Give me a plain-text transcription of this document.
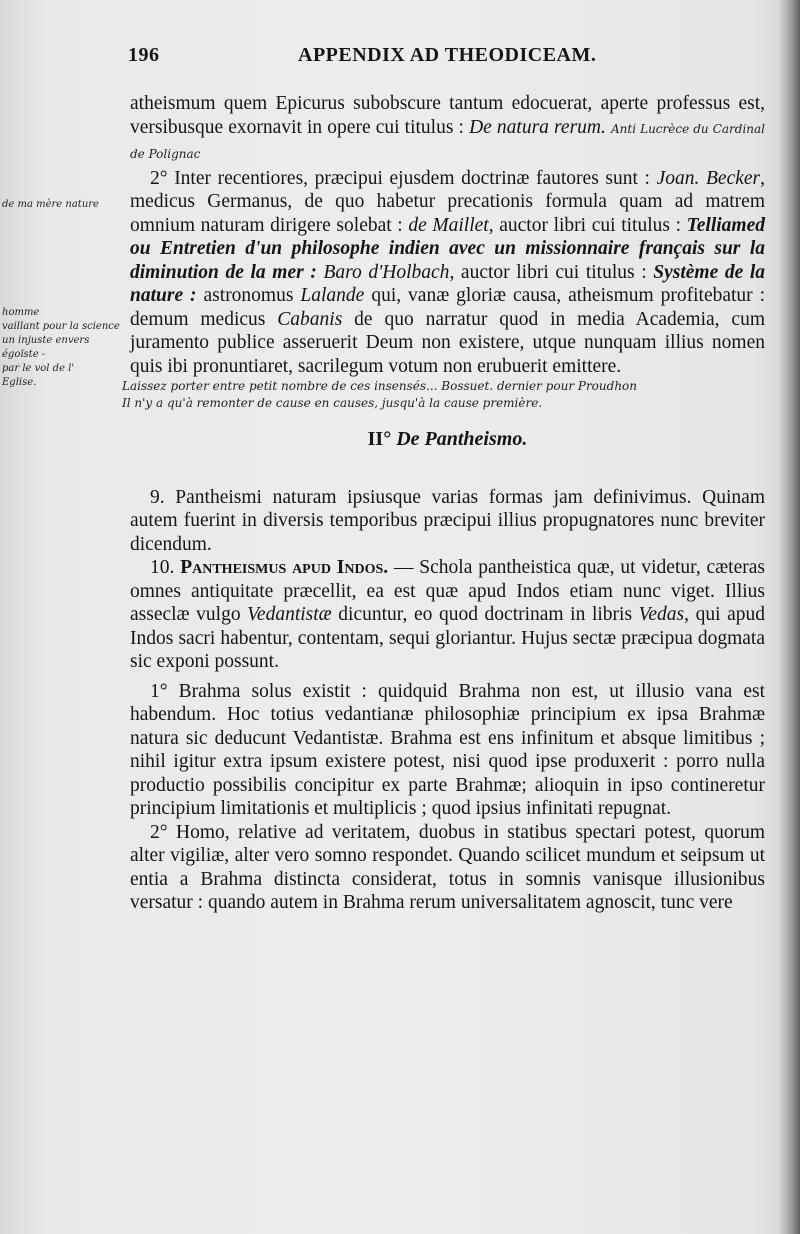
196	APPENDIX AD THEODICEAM.
de ma mère nature
homme
vaillant pour la science
un injuste envers
égoïste -
par le vol de l'
Eglise.

atheismum quem Epicurus subobscure tantum edocuerat, aperte professus est, versibusque exornavit in opere cui titulus : De natura rerum. Anti Lucrèce du Cardinal de Polignac

2° Inter recentiores, præcipui ejusdem doctrinæ fautores sunt : Joan. Becker, medicus Germanus, de quo habetur precationis formula quam ad matrem omnium naturam dirigere solebat : de Maillet, auctor libri cui titulus : Telliamed ou Entretien d'un philosophe indien avec un missionnaire français sur la diminution de la mer : Baro d'Holbach, auctor libri cui titulus : Système de la nature : astronomus Lalande qui, vanæ gloriæ causa, atheismum profitebatur : demum medicus Cabanis de quo narratur quod in media Academia, cum juramento publice asseruerit Deum non existere, utque nunquam illius nomen quis ibi pronuntiaret, sacrilegum votum non erubuerit emittere.

Laissez porter entre petit nombre de ces insensés... Bossuet. dernier pour Proudhon
Il n'y a qu'à remonter de cause en causes, jusqu'à la cause première.
II° De Pantheismo.

9. Pantheismi naturam ipsiusque varias formas jam definivimus. Quinam autem fuerint in diversis temporibus præcipui illius propugnatores nunc breviter dicendum.

10. Pantheismus apud Indos. — Schola pantheistica quæ, ut videtur, cæteras omnes antiquitate præcellit, ea est quæ apud Indos etiam nunc viget. Illius asseclæ vulgo Vedantistæ dicuntur, eo quod doctrinam in libris Vedas, qui apud Indos sacri habentur, contentam, sequi gloriantur. Hujus sectæ præcipua dogmata sic exponi possunt.

1° Brahma solus existit : quidquid Brahma non est, ut illusio vana est habendum. Hoc totius vedantianæ philosophiæ principium ex ipsa Brahmæ natura sic deducunt Vedantistæ. Brahma est ens infinitum et absque limitibus ; nihil igitur extra ipsum existere potest, nisi quod ipse produxerit : porro nulla productio possibilis concipitur ex parte Brahmæ; alioquin in ipso contineretur principium limitationis et multiplicis ; quod ipsius infinitati repugnat.

2° Homo, relative ad veritatem, duobus in statibus spectari potest, quorum alter vigiliæ, alter vero somno respondet. Quando scilicet mundum et seipsum ut entia a Brahma distincta considerat, totus in somnis vanisque illusionibus versatur : quando autem in Brahma rerum universalitatem agnoscit, tunc vere
